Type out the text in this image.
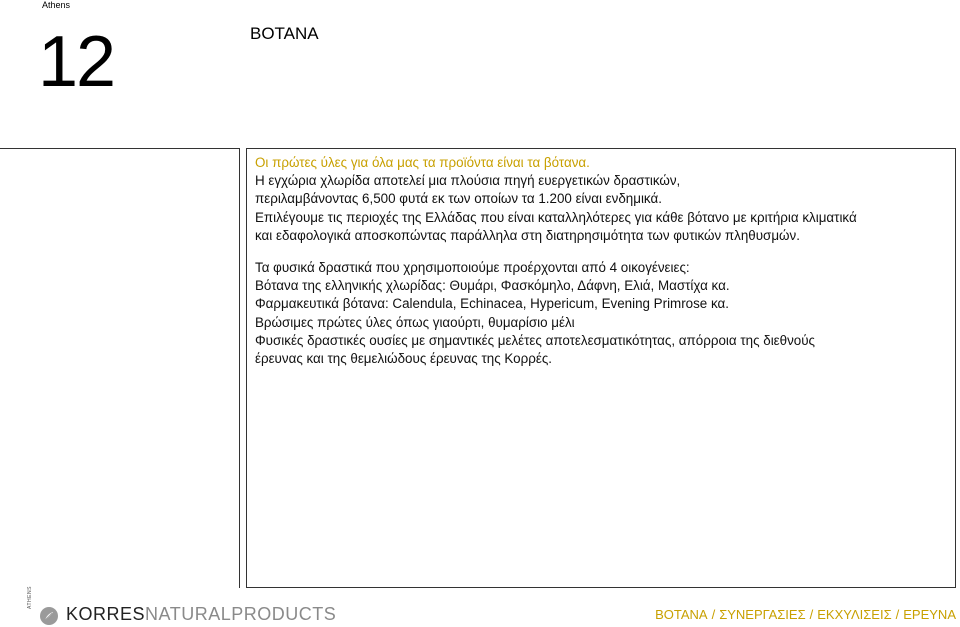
Athens
12	BOTANA

Οι πρώτες ύλες για όλα μας τα προϊόντα είναι τα βότανα.

Η εγχώρια χλωρίδα αποτελεί μια πλούσια πηγή ευεργετικών δραστικών,

περιλαμβάνοντας 6,500 φυτά εκ των οποίων τα 1.200 είναι ενδημικά.

Επιλέγουμε τις περιοχές της Ελλάδας που είναι καταλληλότερες για κάθε βότανο με κριτήρια κλιματικά

και εδαφολογικά αποσκοπώντας παράλληλα στη διατηρησιμότητα των φυτικών πληθυσμών.

Τα φυσικά δραστικά που χρησιμοποιούμε προέρχονται από 4 οικογένειες:

Βότανα της ελληνικής χλωρίδας: Θυμάρι, Φασκόμηλο, Δάφνη, Ελιά, Μαστίχα κα.

Φαρμακευτικά βότανα: Calendula, Echinacea, Hypericum, Evening Primrose κα.

Βρώσιμες πρώτες ύλες όπως γιαούρτι, θυμαρίσιο μέλι

Φυσικές δραστικές ουσίες με σημαντικές μελέτες αποτελεσματικότητας, απόρροια της διεθνούς

έρευνας και της θεμελιώδους έρευνας της Κορρές.

ATHENS
KORRESNATURALPRODUCTS	BOTANA / ΣΥΝΕΡΓΑΣΙΕΣ / ΕΚΧΥΛΙΣΕΙΣ / ΕΡΕΥΝΑ
